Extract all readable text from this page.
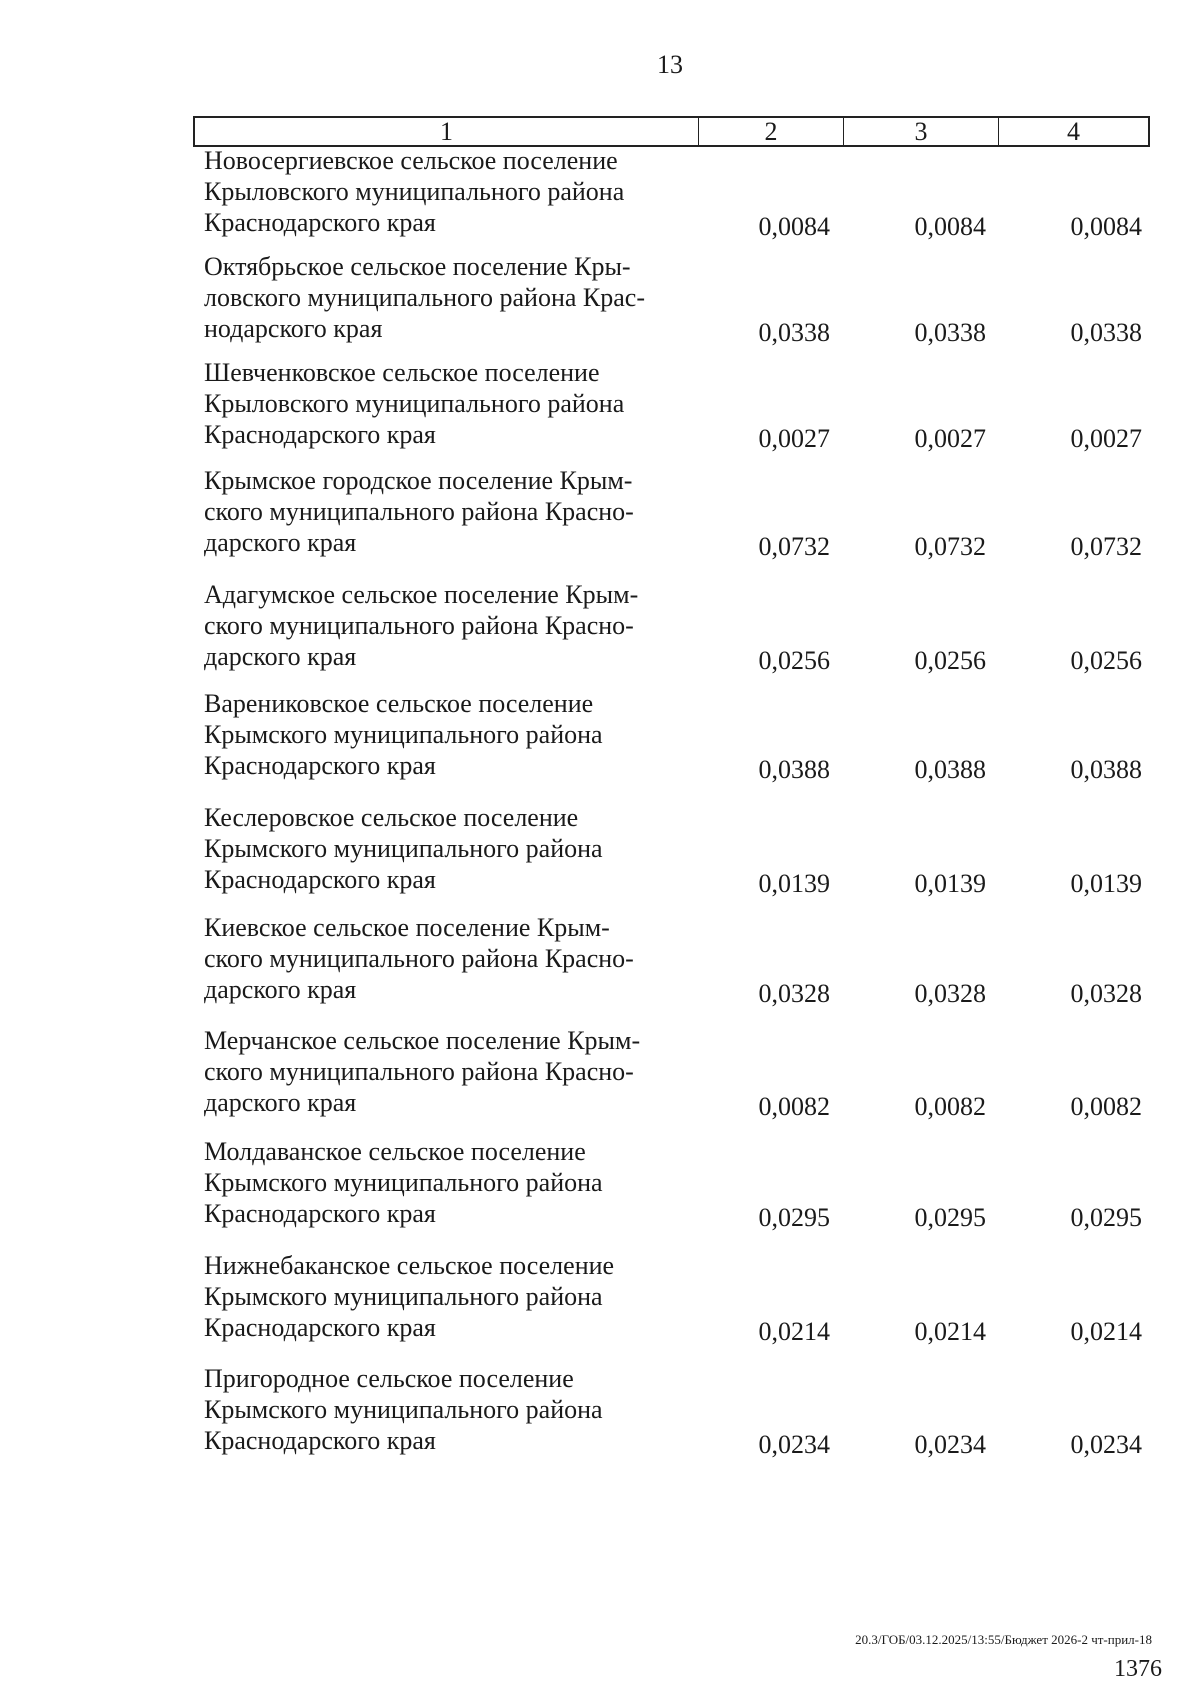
13
1	2	3	4
Новосергиевское сельское поселение
Крыловского муниципального района
Краснодарского края	0,0084	0,0084	0,0084
Октябрьское сельское поселение Кры-
ловского муниципального района Крас-
нодарского края	0,0338	0,0338	0,0338
Шевченковское сельское поселение
Крыловского муниципального района
Краснодарского края	0,0027	0,0027	0,0027
Крымское городское поселение Крым-
ского муниципального района Красно-
дарского края	0,0732	0,0732	0,0732
Адагумское сельское поселение Крым-
ского муниципального района Красно-
дарского края	0,0256	0,0256	0,0256
Варениковское сельское поселение
Крымского муниципального района
Краснодарского края	0,0388	0,0388	0,0388
Кеслеровское сельское поселение
Крымского муниципального района
Краснодарского края	0,0139	0,0139	0,0139
Киевское сельское поселение Крым-
ского муниципального района Красно-
дарского края	0,0328	0,0328	0,0328
Мерчанское сельское поселение Крым-
ского муниципального района Красно-
дарского края	0,0082	0,0082	0,0082
Молдаванское сельское поселение
Крымского муниципального района
Краснодарского края	0,0295	0,0295	0,0295
Нижнебаканское сельское поселение
Крымского муниципального района
Краснодарского края	0,0214	0,0214	0,0214
Пригородное сельское поселение
Крымского муниципального района
Краснодарского края	0,0234	0,0234	0,0234
20.3/ГОБ/03.12.2025/13:55/Бюджет 2026-2 чт-прил-18
1376
